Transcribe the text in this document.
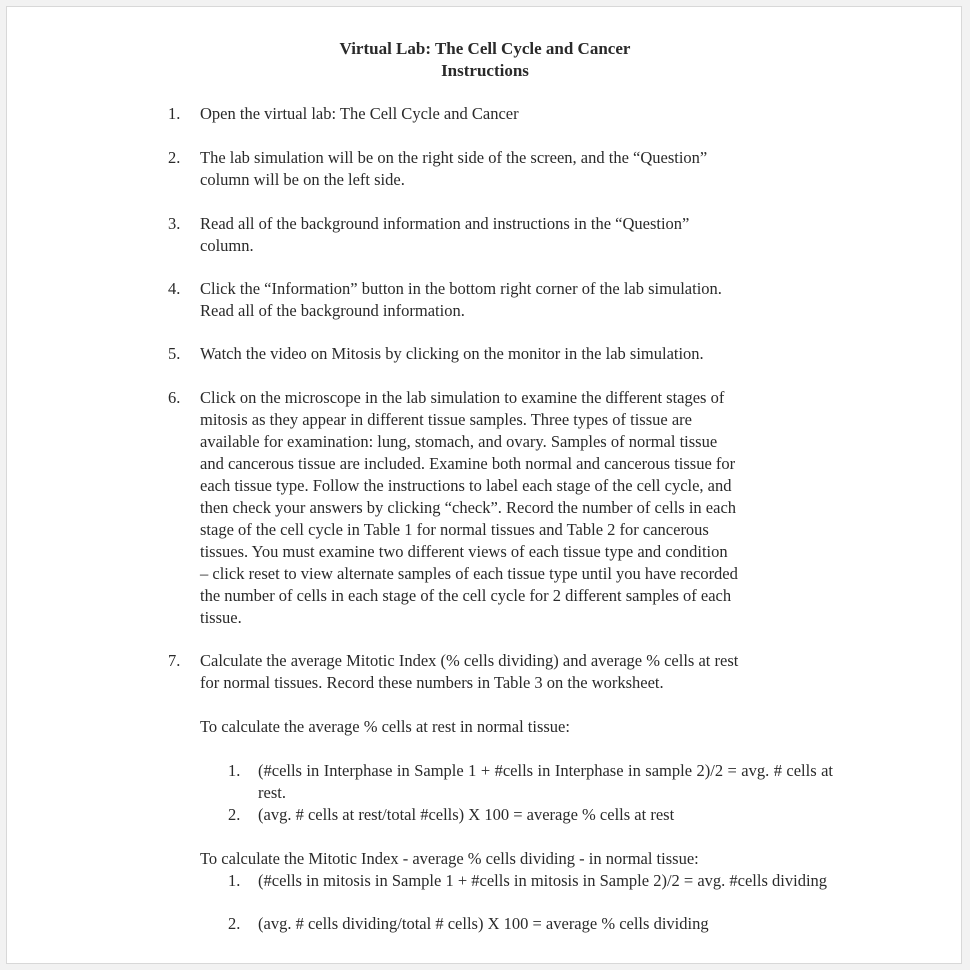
Virtual Lab: The Cell Cycle and Cancer
Instructions
1. Open the virtual lab: The Cell Cycle and Cancer
2. The lab simulation will be on the right side of the screen, and the “Question”
column will be on the left side.
3. Read all of the background information and instructions in the “Question”
column.
4. Click the “Information” button in the bottom right corner of the lab simulation.
Read all of the background information.
5. Watch the video on Mitosis by clicking on the monitor in the lab simulation.
6. Click on the microscope in the lab simulation to examine the different stages of
mitosis as they appear in different tissue samples. Three types of tissue are
available for examination: lung, stomach, and ovary. Samples of normal tissue
and cancerous tissue are included. Examine both normal and cancerous tissue for
each tissue type. Follow the instructions to label each stage of the cell cycle, and
then check your answers by clicking “check”. Record the number of cells in each
stage of the cell cycle in Table 1 for normal tissues and Table 2 for cancerous
tissues. You must examine two different views of each tissue type and condition
– click reset to view alternate samples of each tissue type until you have recorded
the number of cells in each stage of the cell cycle for 2 different samples of each
tissue.
7. Calculate the average Mitotic Index (% cells dividing) and average % cells at rest
for normal tissues. Record these numbers in Table 3 on the worksheet.
To calculate the average % cells at rest in normal tissue:
1. (#cells in Interphase in Sample 1 + #cells in Interphase in sample 2)/2 = avg. # cells at rest.
2. (avg. # cells at rest/total #cells) X 100 = average % cells at rest
To calculate the Mitotic Index - average % cells dividing - in normal tissue:
1. (#cells in mitosis in Sample 1 + #cells in mitosis in Sample 2)/2 = avg. #cells dividing
2. (avg. # cells dividing/total # cells) X 100 = average % cells dividing
